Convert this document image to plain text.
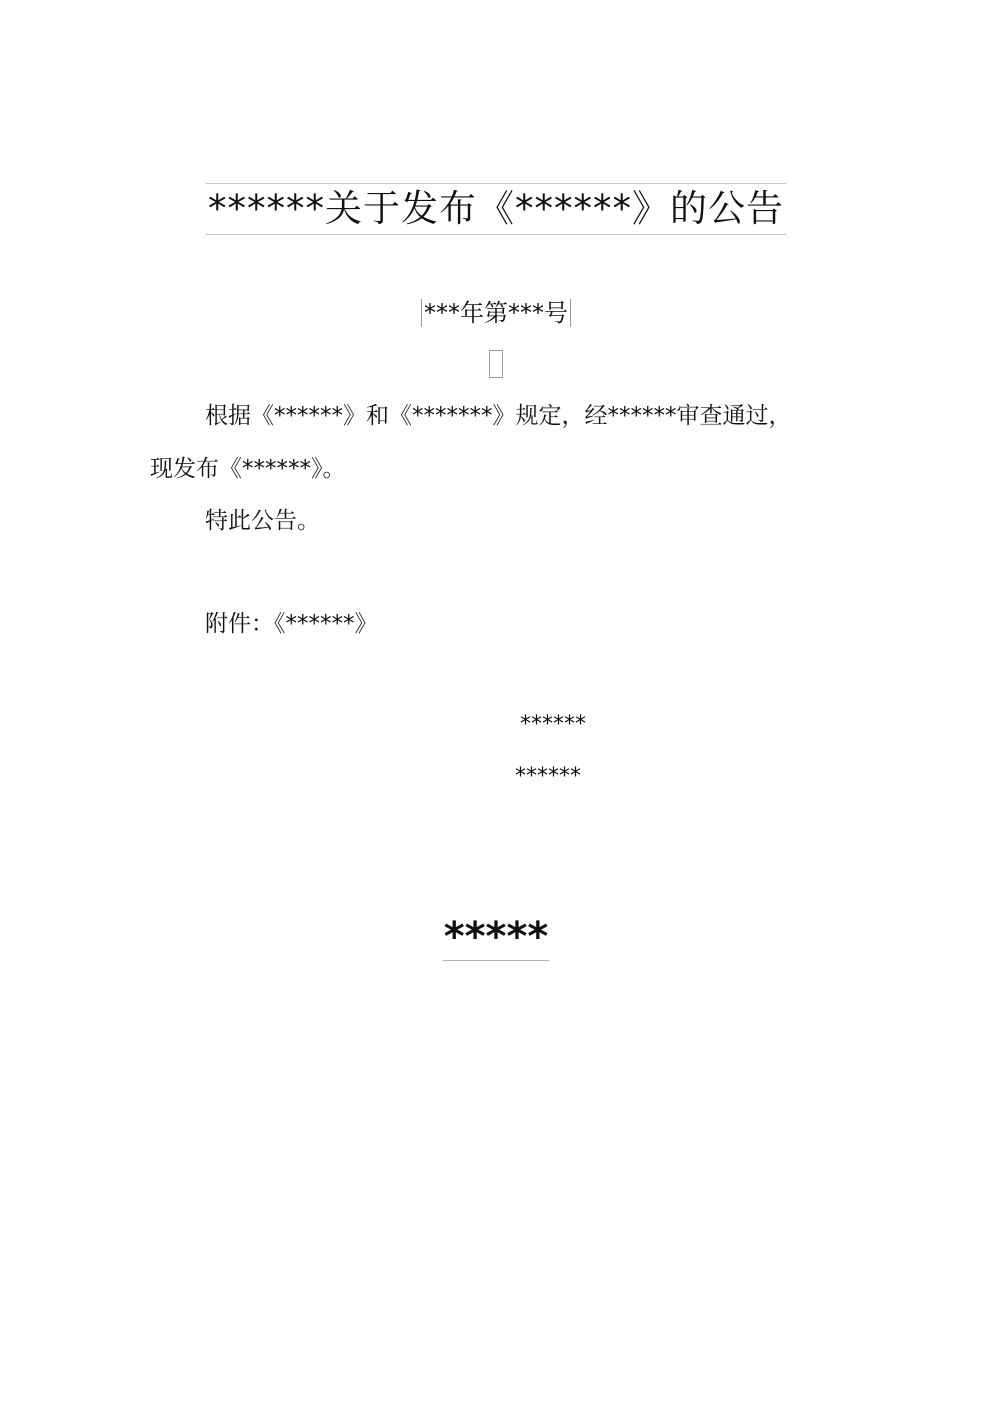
******关于发布《******》的公告
***年第***号
根据《******》和《*******》规定，经******审查通过，
现发布《******》。
特此公告。
附件：《******》
******
******
*****
